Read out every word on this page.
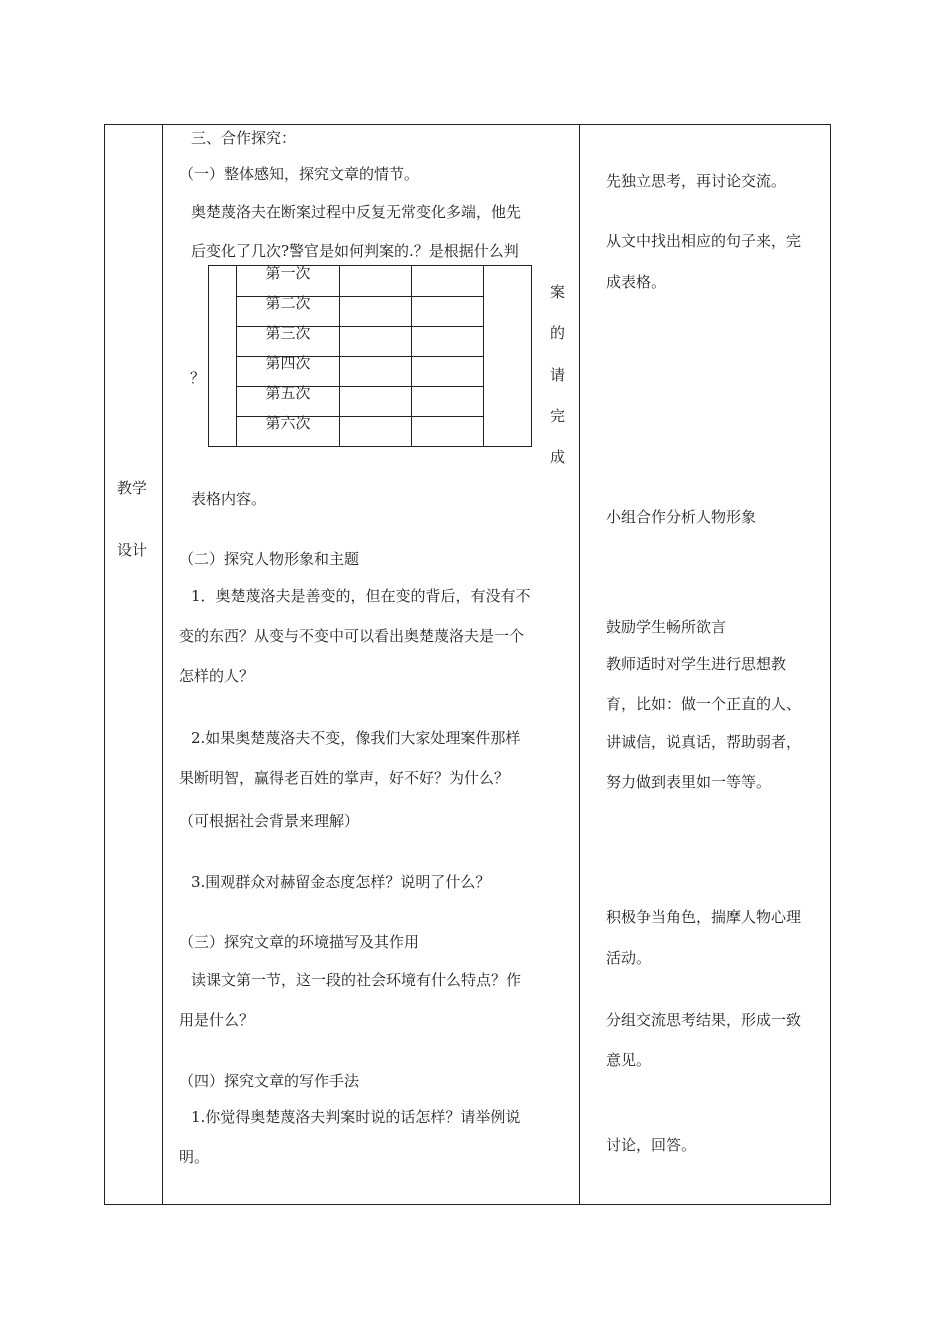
教学
设计
三、合作探究：
（一）整体感知，探究文章的情节。
奥楚蔑洛夫在断案过程中反复无常变化多端，他先
后变化了几次?警官是如何判案的.？是根据什么判
？
第一次
第二次
第三次
第四次
第五次
第六次
案
的
请
完
成
表格内容。
（二）探究人物形象和主题
1．奥楚蔑洛夫是善变的，但在变的背后，有没有不
变的东西？从变与不变中可以看出奥楚蔑洛夫是一个
怎样的人？
2.如果奥楚蔑洛夫不变，像我们大家处理案件那样
果断明智，赢得老百姓的掌声，好不好？为什么？
（可根据社会背景来理解）
3.围观群众对赫留金态度怎样？说明了什么？
（三）探究文章的环境描写及其作用
读课文第一节，这一段的社会环境有什么特点？作
用是什么？
（四）探究文章的写作手法
1.你觉得奥楚蔑洛夫判案时说的话怎样？请举例说
明。
先独立思考，再讨论交流。
从文中找出相应的句子来，完
成表格。
小组合作分析人物形象
鼓励学生畅所欲言
教师适时对学生进行思想教
育，比如：做一个正直的人、
讲诚信，说真话，帮助弱者，
努力做到表里如一等等。
积极争当角色，揣摩人物心理
活动。
分组交流思考结果，形成一致
意见。
讨论，回答。
